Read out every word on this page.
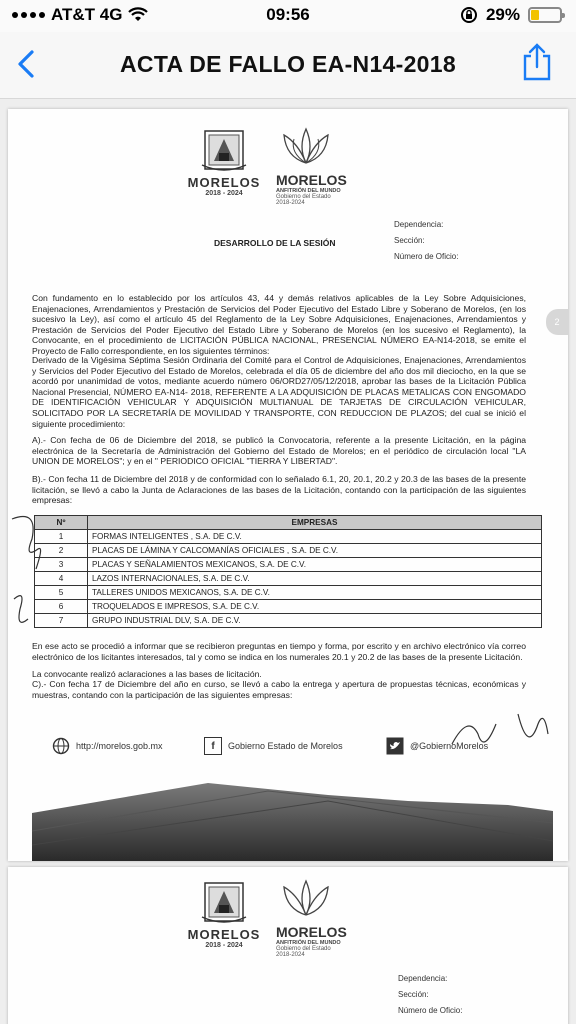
AT&T 4G	09:56	29%
ACTA DE FALLO EA-N14-2018
MORELOS
2018 - 2024
MORELOS
ANFITRIÓN DEL MUNDO
Gobierno del Estado
2018-2024
Dependencia:
Sección:
Número de Oficio:
DESARROLLO DE LA SESIÓN
2
Con fundamento en lo establecido por los artículos 43, 44 y demás relativos aplicables de la Ley Sobre Adquisiciones, Enajenaciones, Arrendamientos y Prestación de Servicios del Poder Ejecutivo del Estado Libre y Soberano de Morelos, (en los sucesivo la Ley), así como el artículo 45 del Reglamento de la Ley Sobre Adquisiciones, Enajenaciones, Arrendamientos y Prestación de Servicios del Poder Ejecutivo del Estado Libre y Soberano de Morelos (en los sucesivo el Reglamento), la Convocante, en el procedimiento de LICITACIÓN PÚBLICA NACIONAL, PRESENCIAL NÚMERO EA-N14-2018, se emite el Proyecto de Fallo correspondiente, en los siguientes términos:
Derivado de la Vigésima Séptima Sesión Ordinaria del Comité para el Control de Adquisiciones, Enajenaciones, Arrendamientos y Servicios del Poder Ejecutivo del Estado de Morelos, celebrada el día 05 de diciembre del año dos mil dieciocho, en la que se acordó por unanimidad de votos, mediante acuerdo número 06/ORD27/05/12/2018, aprobar las bases de la Licitación Pública Nacional Presencial, NÚMERO EA-N14- 2018, REFERENTE A LA ADQUISICIÓN DE PLACAS METALICAS CON ENGOMADO DE IDENTIFICACIÓN VEHICULAR Y ADQUISICIÓN MULTIANUAL DE TARJETAS DE CIRCULACIÓN VEHICULAR, SOLICITADO POR LA SECRETARÍA DE MOVILIDAD Y TRANSPORTE, CON REDUCCION DE PLAZOS; del cual se inició el siguiente procedimiento:
A).- Con fecha de 06 de Diciembre del 2018, se publicó la Convocatoria, referente a la presente Licitación, en la página electrónica de la Secretaría de Administración del Gobierno del Estado de Morelos; en el periódico de circulación local "LA UNION DE MORELOS"; y en el " PERIODICO OFICIAL "TIERRA Y LIBERTAD".
B).- Con fecha 11 de Diciembre del 2018 y de conformidad con lo señalado 6.1, 20, 20.1, 20.2 y 20.3 de las bases de la presente licitación, se llevó a cabo la Junta de Aclaraciones de las bases de la Licitación, contando con la participación de las siguientes empresas:
Nº	EMPRESAS
1	FORMAS INTELIGENTES , S.A. DE C.V.
2	PLACAS DE LÁMINA Y CALCOMANÍAS OFICIALES , S.A. DE C.V.
3	PLACAS Y SEÑALAMIENTOS MEXICANOS, S.A. DE C.V.
4	LAZOS INTERNACIONALES, S.A. DE C.V.
5	TALLERES UNIDOS MEXICANOS, S.A. DE C.V.
6	TROQUELADOS E IMPRESOS, S.A. DE C.V.
7	GRUPO INDUSTRIAL DLV, S.A. DE C.V.
En ese acto se procedió a informar que se recibieron preguntas en tiempo y forma, por escrito y en archivo electrónico vía correo electrónico de los licitantes interesados, tal y como se indica en los numerales 20.1 y 20.2 de las bases de la presente Licitación.
La convocante realizó aclaraciones a las bases de licitación.
C).- Con fecha 17 de Diciembre del año en curso, se llevó a cabo la entrega y apertura de propuestas técnicas, económicas y muestras, contando con la participación de las siguientes empresas:
http://morelos.gob.mx	f	Gobierno Estado de Morelos	@GobiernoMorelos
MORELOS
2018 - 2024
MORELOS
ANFITRIÓN DEL MUNDO
Gobierno del Estado
2018-2024
Dependencia:
Sección:
Número de Oficio:
